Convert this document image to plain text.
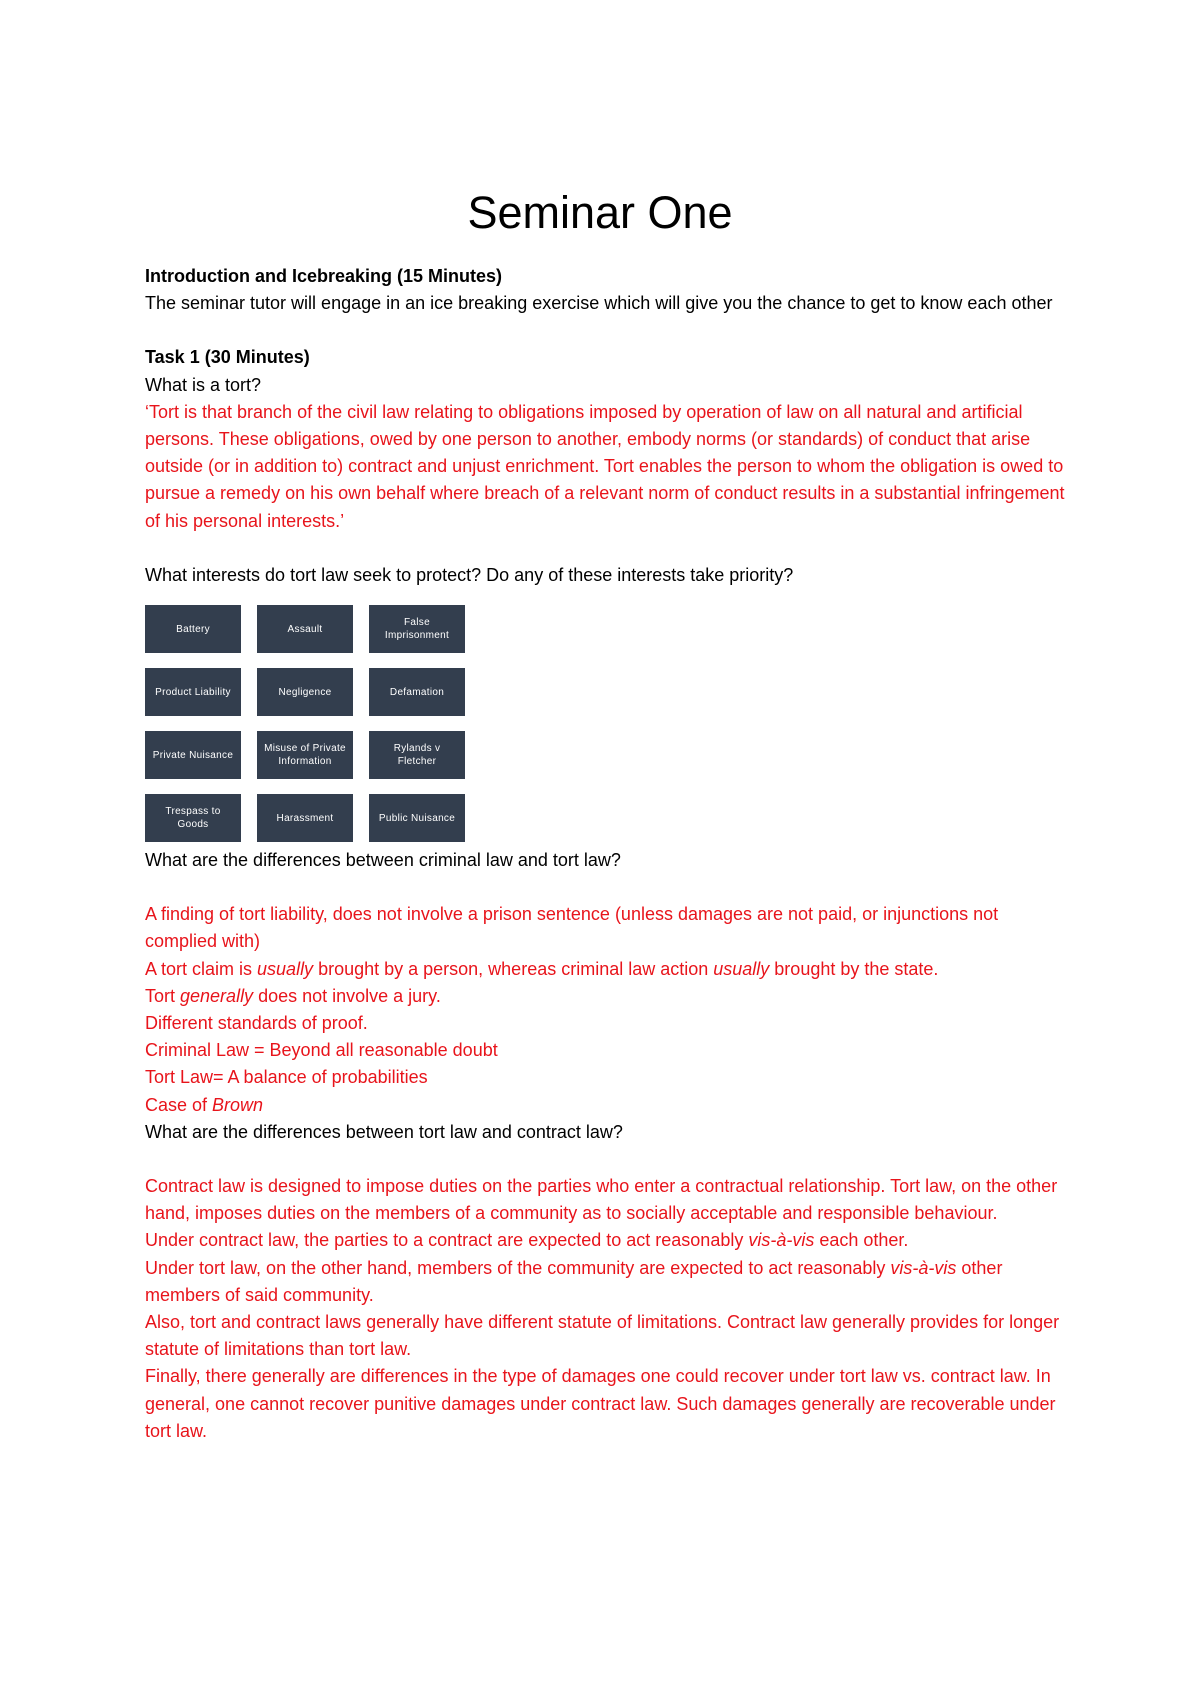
Seminar One

Introduction and Icebreaking (15 Minutes)

The seminar tutor will engage in an ice breaking exercise which will give you the chance to get to know each other

Task 1 (30 Minutes)

What is a tort?

‘Tort is that branch of the civil law relating to obligations imposed by operation of law on all natural and artificial persons. These obligations, owed by one person to another, embody norms (or standards) of conduct that arise outside (or in addition to) contract and unjust enrichment. Tort enables the person to whom the obligation is owed to pursue a remedy on his own behalf where breach of a relevant norm of conduct results in a substantial infringement of his personal interests.’

What interests do tort law seek to protect? Do any of these interests take priority?

Battery	Assault
False Imprisonment
Product Liability	Negligence	Defamation
Private Nuisance
Misuse of Private Information
Rylands v Fletcher
Trespass to Goods
Harassment	Public Nuisance

What are the differences between criminal law and tort law?

A finding of tort liability, does not involve a prison sentence (unless damages are not paid, or injunctions not complied with)

A tort claim is usually brought by a person, whereas criminal law action usually brought by the state.

Tort generally does not involve a jury.

Different standards of proof.

Criminal Law = Beyond all reasonable doubt

Tort Law= A balance of probabilities

Case of Brown

What are the differences between tort law and contract law?

Contract law is designed to impose duties on the parties who enter a contractual relationship. Tort law, on the other hand, imposes duties on the members of a community as to socially acceptable and responsible behaviour.

Under contract law, the parties to a contract are expected to act reasonably vis-à-vis each other.

Under tort law, on the other hand, members of the community are expected to act reasonably vis-à-vis other members of said community.

Also, tort and contract laws generally have different statute of limitations. Contract law generally provides for longer statute of limitations than tort law.

Finally, there generally are differences in the type of damages one could recover under tort law vs. contract law. In general, one cannot recover punitive damages under contract law. Such damages generally are recoverable under tort law.
